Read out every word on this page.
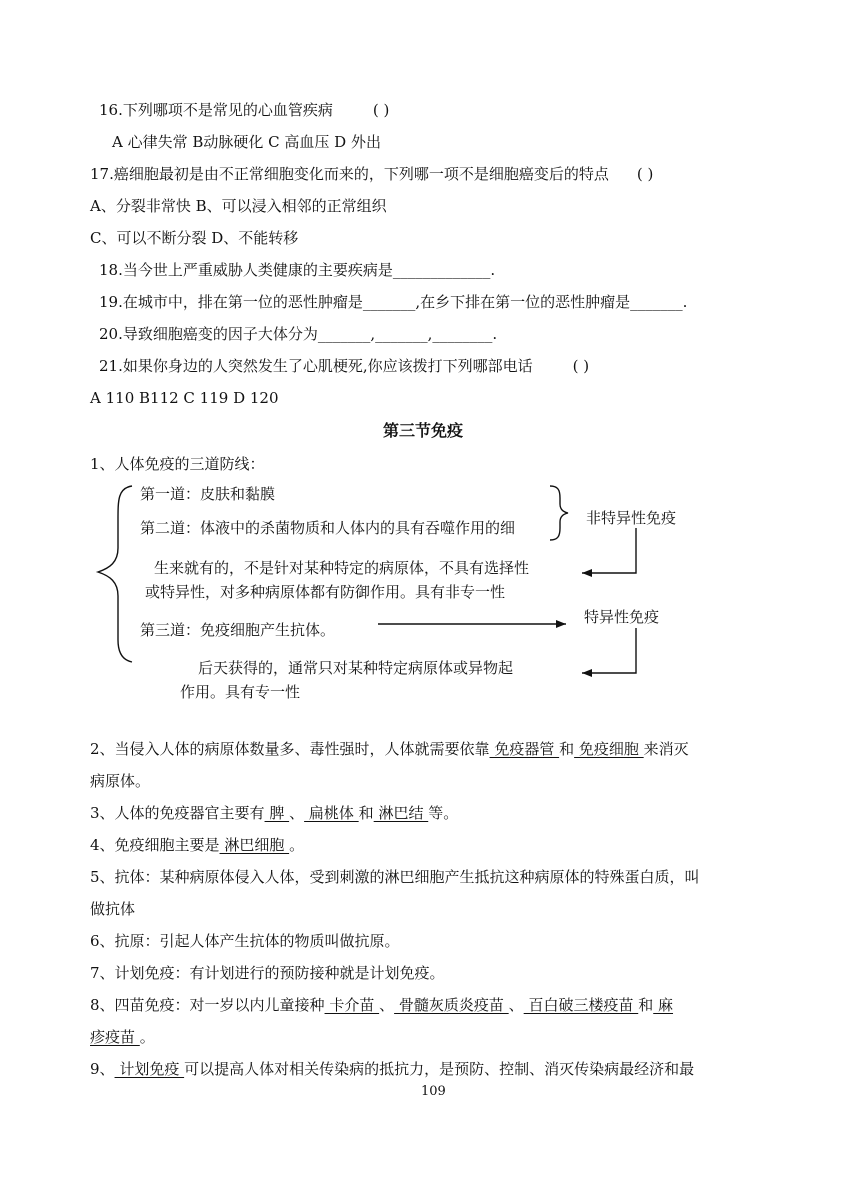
16.下列哪项不是常见的心血管疾病	( )
A 心律失常 B动脉硬化 C 高血压 D 外出
17.癌细胞最初是由不正常细胞变化而来的，下列哪一项不是细胞癌变后的特点 ( )
A、分裂非常快 B、可以浸入相邻的正常组织
C、可以不断分裂 D、不能转移
18.当今世上严重威胁人类健康的主要疾病是_____________.
19.在城市中，排在第一位的恶性肿瘤是_______,在乡下排在第一位的恶性肿瘤是_______.
20.导致细胞癌变的因子大体分为_______,_______,________.
21.如果你身边的人突然发生了心肌梗死,你应该拨打下列哪部电话	( )
A 110 B112 C 119 D 120
第三节免疫
1、人体免疫的三道防线：
第一道：皮肤和黏膜
第二道：体液中的杀菌物质和人体内的具有吞噬作用的细
非特异性免疫
生来就有的，不是针对某种特定的病原体，不具有选择性
或特异性，对多种病原体都有防御作用。具有非专一性
第三道：免疫细胞产生抗体。
特异性免疫
后天获得的，通常只对某种特定病原体或异物起
作用。具有专一性
2、当侵入人体的病原体数量多、毒性强时，人体就需要依靠 免疫器管 和 免疫细胞 来消灭
病原体。
3、人体的免疫器官主要有 脾 、 扁桃体 和 淋巴结 等。
4、免疫细胞主要是 淋巴细胞 。
5、抗体：某种病原体侵入人体，受到刺激的淋巴细胞产生抵抗这种病原体的特殊蛋白质，叫
做抗体
6、抗原：引起人体产生抗体的物质叫做抗原。
7、计划免疫：有计划进行的预防接种就是计划免疫。
8、四苗免疫：对一岁以内儿童接种 卡介苗 、 骨髓灰质炎疫苗 、 百白破三楼疫苗 和 麻
疹疫苗 。
9、 计划免疫 可以提高人体对相关传染病的抵抗力，是预防、控制、消灭传染病最经济和最
109
